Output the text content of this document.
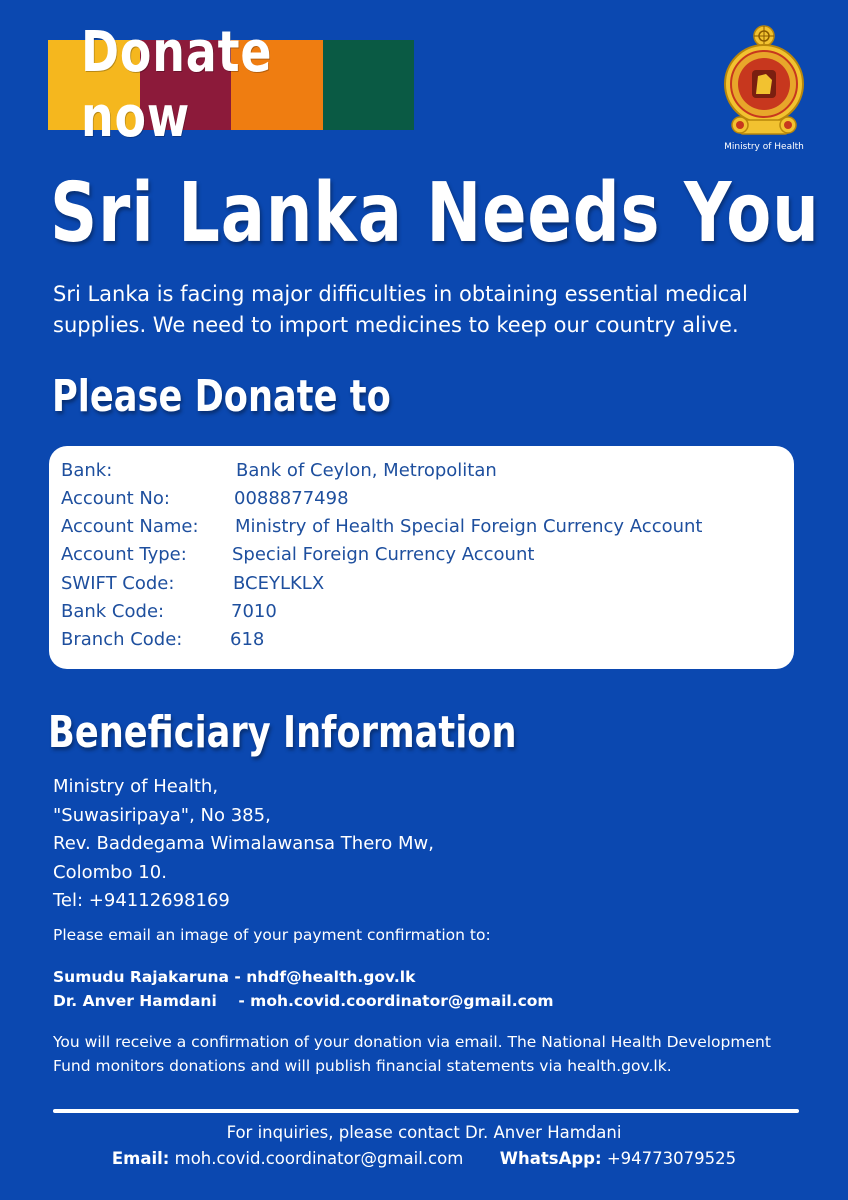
Donate now	Ministry of Health
Sri Lanka Needs You
Sri Lanka is facing major difficulties in obtaining essential medical supplies. We need to import medicines to keep our country alive.
Please Donate to
Bank:	Bank of Ceylon, Metropolitan
Account No:	0088877498
Account Name: Ministry of Health Special Foreign Currency Account
Account Type:	Special Foreign Currency Account
SWIFT Code:	BCEYLKLX
Bank Code:	7010
Branch Code:	618
Beneficiary Information
Ministry of Health,
"Suwasiripaya", No 385,
Rev. Baddegama Wimalawansa Thero Mw,
Colombo 10.
Tel: +94112698169
Please email an image of your payment confirmation to:
Sumudu Rajakaruna - nhdf@health.gov.lk
Dr. Anver Hamdani    - moh.covid.coordinator@gmail.com
You will receive a confirmation of your donation via email. The National Health Development Fund monitors donations and will publish financial statements via health.gov.lk.
For inquiries, please contact Dr. Anver Hamdani
Email: moh.covid.coordinator@gmail.com WhatsApp: +94773079525
